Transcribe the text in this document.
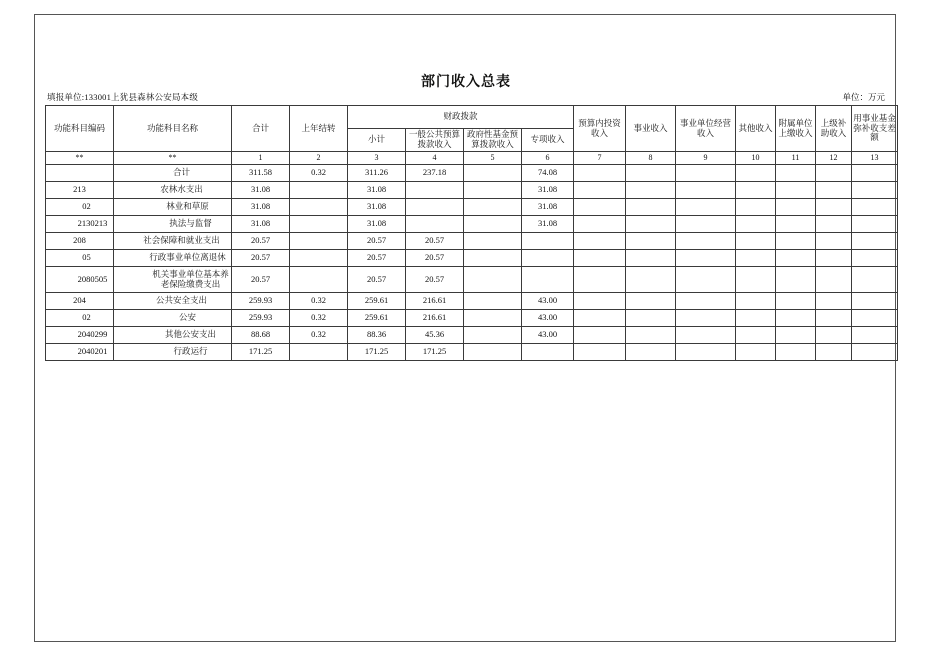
部门收入总表
填报单位:133001上犹县森林公安局本级	单位：万元
功能科目编码	功能科目名称	合计	上年结转	财政拨款				预算内投资收入	事业收入	事业单位经营收入	其他收入	附属单位上缴收入	上级补助收入	用事业基金弥补收支差额

				小计	一般公共预算拨款收入	政府性基金预算拨款收入	专项收入							

**	**	1	2	3	4	5	6	7	8	9	10	11	12	13
	合计	311.58	0.32	311.26	237.18		74.08							
213	农林水支出	31.08		31.08			31.08							
02	林业和草原	31.08		31.08			31.08							
2130213	执法与监督	31.08		31.08			31.08							
208	社会保障和就业支出	20.57		20.57	20.57									
05	行政事业单位离退休	20.57		20.57	20.57									
2080505	机关事业单位基本养老保险缴费支出	20.57		20.57	20.57									
204	公共安全支出	259.93	0.32	259.61	216.61		43.00							
02	公安	259.93	0.32	259.61	216.61		43.00							
2040299	其他公安支出	88.68	0.32	88.36	45.36		43.00							
2040201	行政运行	171.25		171.25	171.25									
